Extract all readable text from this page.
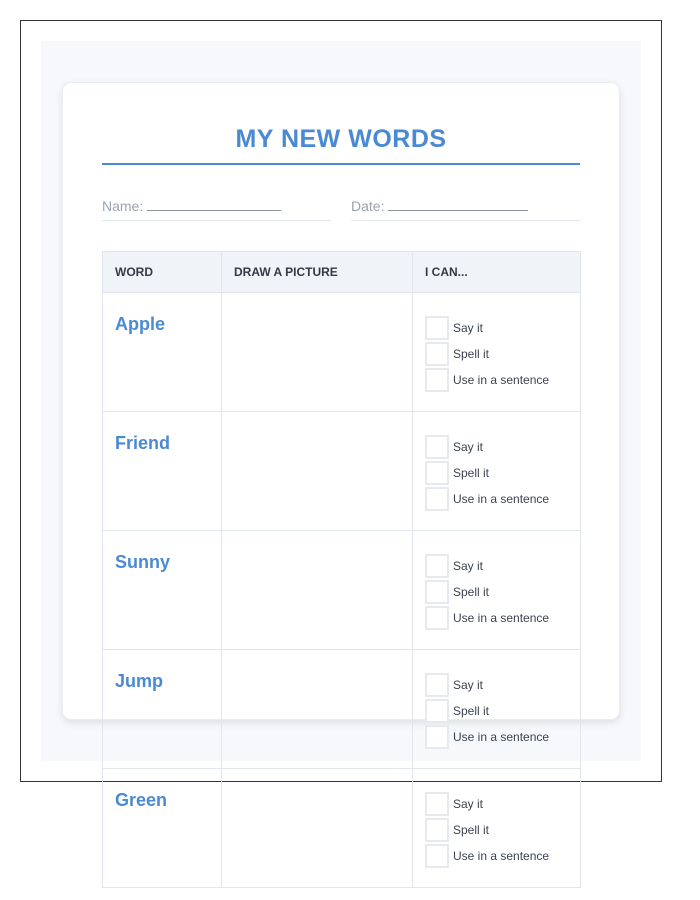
MY NEW WORDS
Name:	Date:
WORD	DRAW A PICTURE	I CAN...

Apple		Say it
Spell it
Use in a sentence

Friend		Say it
Spell it
Use in a sentence

Sunny		Say it
Spell it
Use in a sentence

Jump		Say it
Spell it
Use in a sentence

Green		Say it
Spell it
Use in a sentence
